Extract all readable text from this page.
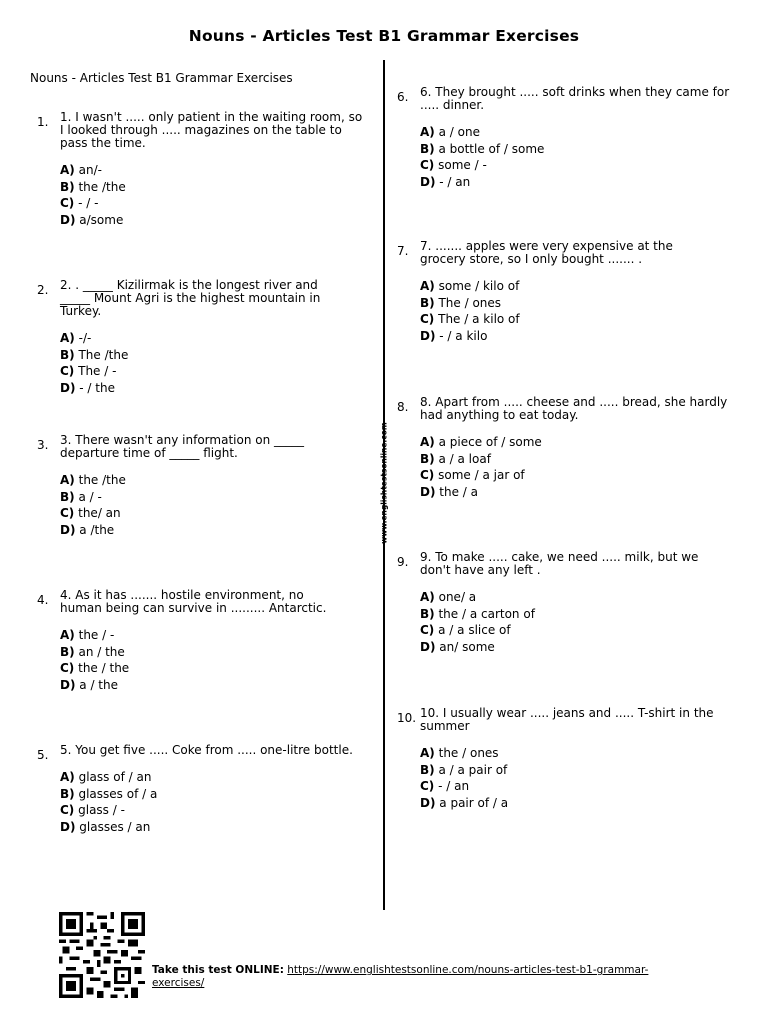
Nouns - Articles Test B1 Grammar Exercises
Nouns - Articles Test B1 Grammar Exercises
www.englishtestsonline.com
1. 1. I wasn't ..... only patient in the waiting room, so I looked through ..... magazines on the table to pass the time.
A) an/-
B) the /the
C) - / -
D) a/some
2. 2. . _____ Kizilirmak is the longest river and _____ Mount Agri is the highest mountain in Turkey.
A) -/-
B) The /the
C) The / -
D) - / the
3. 3. There wasn't any information on _____ departure time of _____ flight.
A) the /the
B) a / -
C) the/ an
D) a /the
4. 4. As it has ....... hostile environment, no human being can survive in ......... Antarctic.
A) the / -
B) an / the
C) the / the
D) a / the
5. 5. You get five ..... Coke from ..... one-litre bottle.
A) glass of / an
B) glasses of / a
C) glass / -
D) glasses / an
6. 6. They brought ..... soft drinks when they came for ..... dinner.
A) a / one
B) a bottle of / some
C) some / -
D) - / an
7. 7. ....... apples were very expensive at the grocery store, so I only bought ....... .
A) some / kilo of
B) The / ones
C) The / a kilo of
D) - / a kilo
8. 8. Apart from ..... cheese and ..... bread, she hardly had anything to eat today.
A) a piece of / some
B) a / a loaf
C) some / a jar of
D) the / a
9. 9. To make ..... cake, we need ..... milk, but we don't have any left .
A) one/ a
B) the / a carton of
C) a / a slice of
D) an/ some
10. 10. I usually wear ..... jeans and ..... T-shirt in the summer
A) the / ones
B) a / a pair of
C) - / an
D) a pair of / a
Take this test ONLINE: https://www.englishtestsonline.com/nouns-articles-test-b1-grammar-exercises/
